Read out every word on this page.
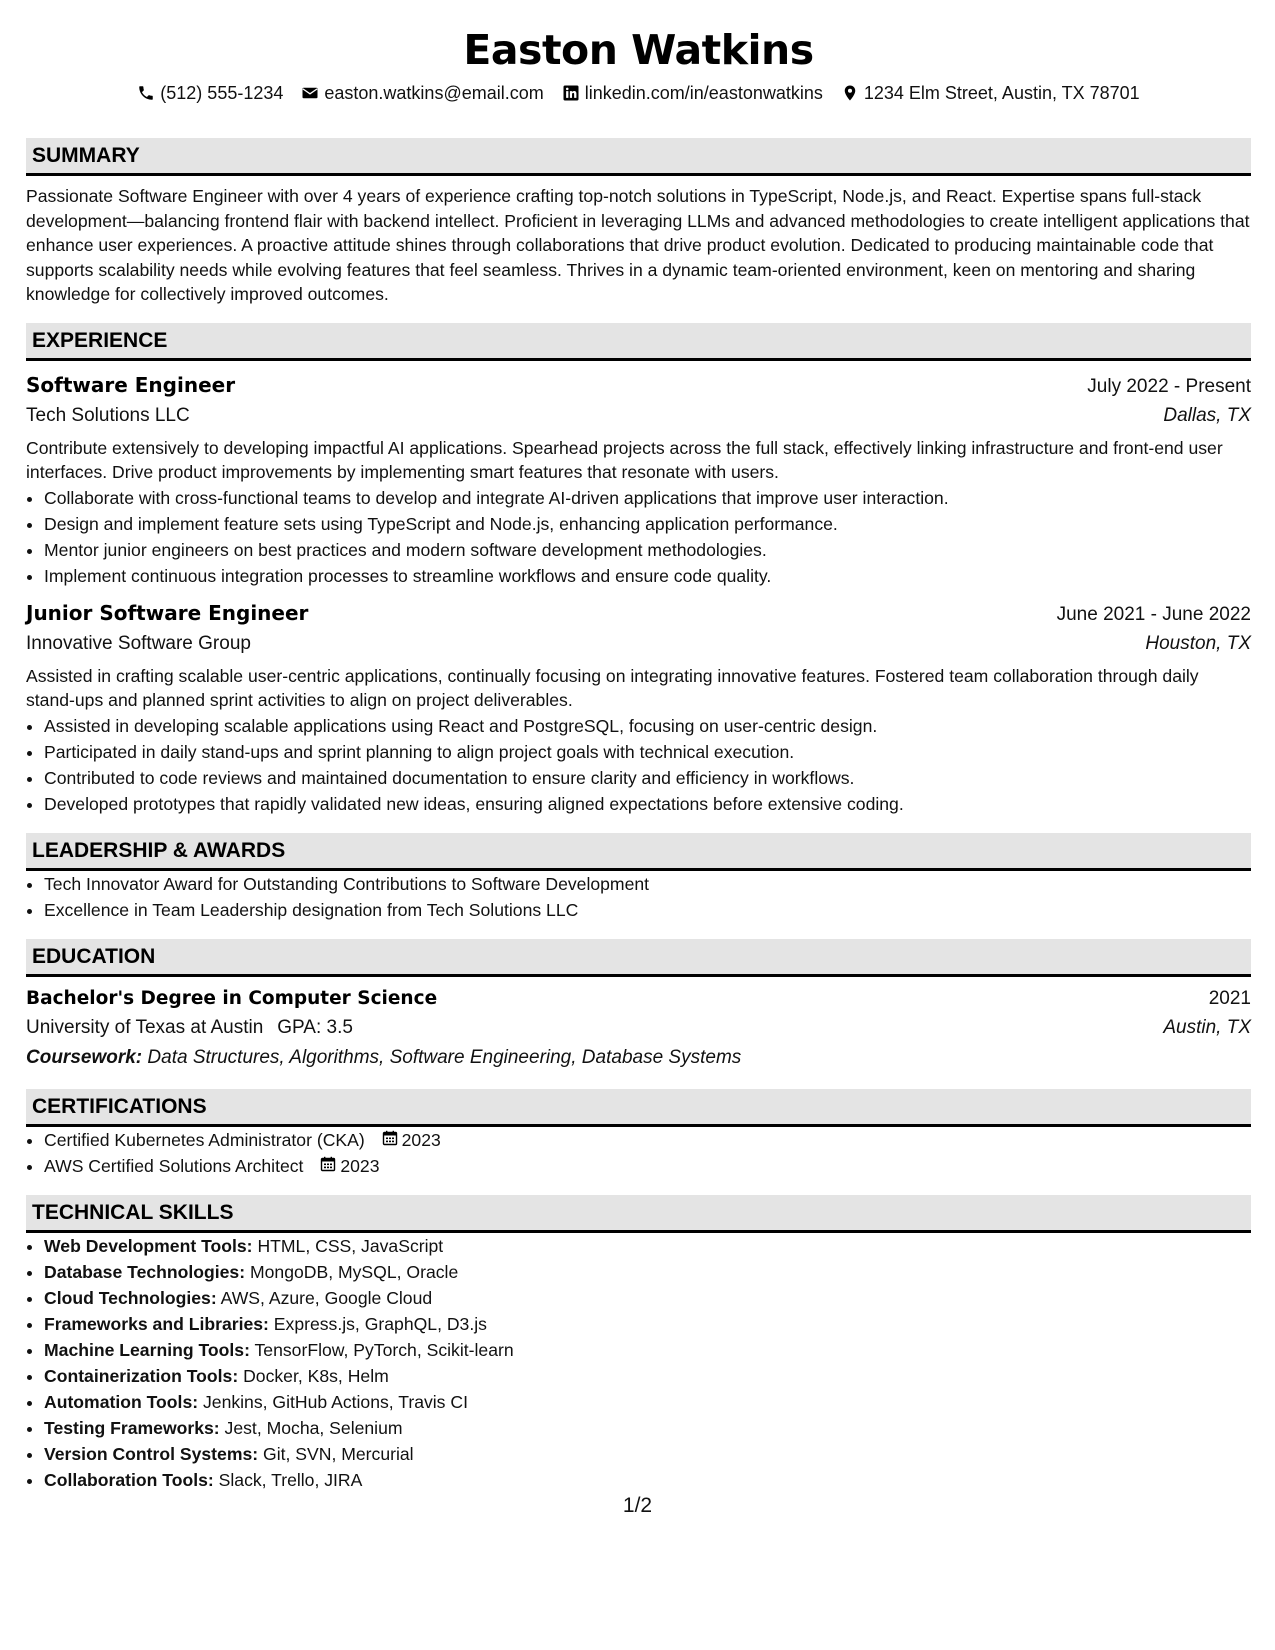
Easton Watkins
(512) 555-1234 easton.watkins@email.com linkedin.com/in/eastonwatkins 1234 Elm Street, Austin, TX 78701
SUMMARY

Passionate Software Engineer with over 4 years of experience crafting top-notch solutions in TypeScript, Node.js, and React. Expertise spans full-stack development—balancing frontend flair with backend intellect. Proficient in leveraging LLMs and advanced methodologies to create intelligent applications that enhance user experiences. A proactive attitude shines through collaborations that drive product evolution. Dedicated to producing maintainable code that supports scalability needs while evolving features that feel seamless. Thrives in a dynamic team-oriented environment, keen on mentoring and sharing knowledge for collectively improved outcomes.

EXPERIENCE
Software Engineer	July 2022 - Present
Tech Solutions LLC	Dallas, TX
Contribute extensively to developing impactful AI applications. Spearhead projects across the full stack, effectively linking infrastructure and front-end user interfaces. Drive product improvements by implementing smart features that resonate with users.
• Collaborate with cross-functional teams to develop and integrate AI-driven applications that improve user interaction.
• Design and implement feature sets using TypeScript and Node.js, enhancing application performance.
• Mentor junior engineers on best practices and modern software development methodologies.
• Implement continuous integration processes to streamline workflows and ensure code quality.
Junior Software Engineer	June 2021 - June 2022
Innovative Software Group	Houston, TX
Assisted in crafting scalable user-centric applications, continually focusing on integrating innovative features. Fostered team collaboration through daily stand-ups and planned sprint activities to align on project deliverables.
• Assisted in developing scalable applications using React and PostgreSQL, focusing on user-centric design.
• Participated in daily stand-ups and sprint planning to align project goals with technical execution.
• Contributed to code reviews and maintained documentation to ensure clarity and efficiency in workflows.
• Developed prototypes that rapidly validated new ideas, ensuring aligned expectations before extensive coding.
LEADERSHIP & AWARDS
• Tech Innovator Award for Outstanding Contributions to Software Development
• Excellence in Team Leadership designation from Tech Solutions LLC
EDUCATION
Bachelor's Degree in Computer Science	2021
University of Texas at Austin GPA: 3.5	Austin, TX
Coursework: Data Structures, Algorithms, Software Engineering, Database Systems
CERTIFICATIONS
• Certified Kubernetes Administrator (CKA) 2023
• AWS Certified Solutions Architect 2023
TECHNICAL SKILLS
• Web Development Tools: HTML, CSS, JavaScript
• Database Technologies: MongoDB, MySQL, Oracle
• Cloud Technologies: AWS, Azure, Google Cloud
• Frameworks and Libraries: Express.js, GraphQL, D3.js
• Machine Learning Tools: TensorFlow, PyTorch, Scikit-learn
• Containerization Tools: Docker, K8s, Helm
• Automation Tools: Jenkins, GitHub Actions, Travis CI
• Testing Frameworks: Jest, Mocha, Selenium
• Version Control Systems: Git, SVN, Mercurial
• Collaboration Tools: Slack, Trello, JIRA
1/2
